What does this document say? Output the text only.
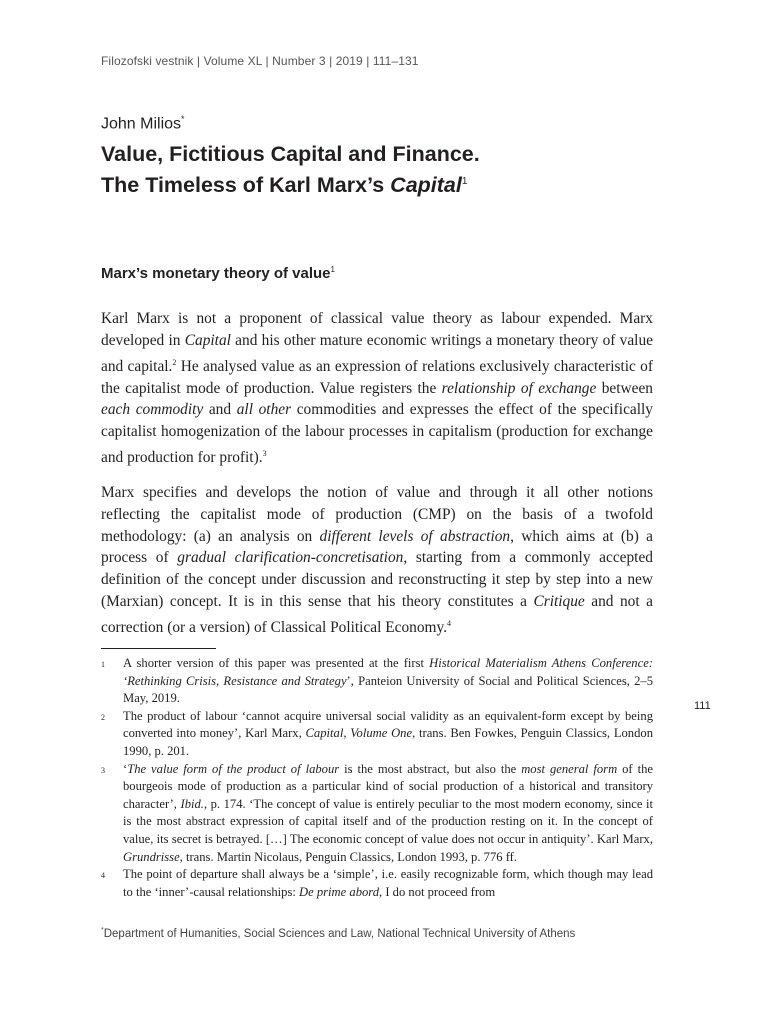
Filozofski vestnik | Volume XL | Number 3 | 2019 | 111–131
John Milios*
Value, Fictitious Capital and Finance.
The Timeless of Karl Marx’s Capital$^1$
Marx’s monetary theory of value$^1$

Karl Marx is not a proponent of classical value theory as labour expended. Marx developed in Capital and his other mature economic writings a monetary theory of value and capital.$^2$ He analysed value as an expression of relations exclusively characteristic of the capitalist mode of production. Value registers the relationship of exchange between each commodity and all other commodities and expresses the effect of the specifically capitalist homogenization of the labour processes in capitalism (production for exchange and production for profit).$^3$

Marx specifies and develops the notion of value and through it all other notions reflecting the capitalist mode of production (CMP) on the basis of a twofold methodology: (a) an analysis on different levels of abstraction, which aims at (b) a process of gradual clarification-concretisation, starting from a commonly accepted definition of the concept under discussion and reconstructing it step by step into a new (Marxian) concept. It is in this sense that his theory constitutes a Critique and not a correction (or a version) of Classical Political Economy.$^4$

1 A shorter version of this paper was presented at the first Historical Materialism Athens Conference: ‘Rethinking Crisis, Resistance and Strategy’, Panteion University of Social and Political Sciences, 2–5 May, 2019.
2 The product of labour ‘cannot acquire universal social validity as an equivalent-form except by being converted into money’, Karl Marx, Capital, Volume One, trans. Ben Fowkes, Penguin Classics, London 1990, p. 201.
3 ‘The value form of the product of labour is the most abstract, but also the most general form of the bourgeois mode of production as a particular kind of social production of a historical and transitory character’, Ibid., p. 174. ‘The concept of value is entirely peculiar to the most modern economy, since it is the most abstract expression of capital itself and of the production resting on it. In the concept of value, its secret is betrayed. […] The economic concept of value does not occur in antiquity’. Karl Marx, Grundrisse, trans. Martin Nicolaus, Penguin Classics, London 1993, p. 776 ff.
4 The point of departure shall always be a ‘simple’, i.e. easily recognizable form, which though may lead to the ‘inner’-causal relationships: De prime abord, I do not proceed from
111
*Department of Humanities, Social Sciences and Law, National Technical University of Athens
